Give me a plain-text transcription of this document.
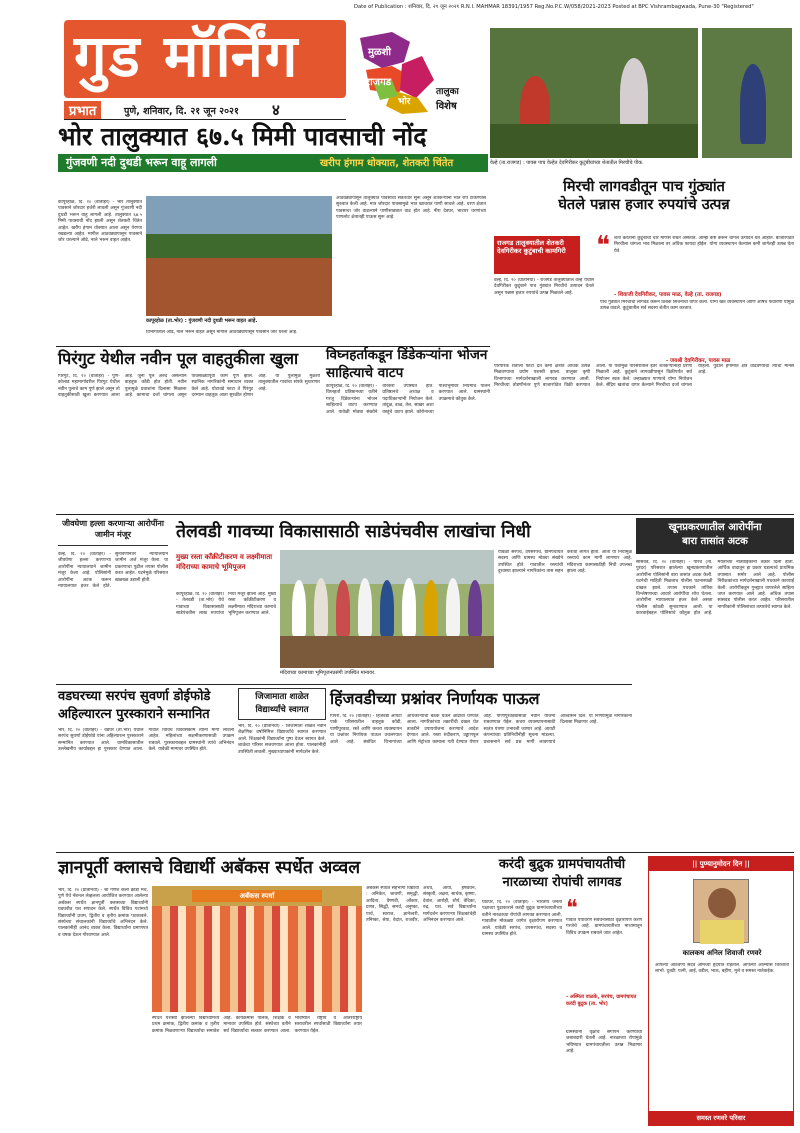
Date of Publication : शनिवार, दि. २१ जून २०२१ R.N.I. MAHMAR 18391/1957 Reg.No.P.C.W/058/2021-2023 Posted at BPC Vishrambagwada, Pune-30 "Registered"
गुड मॉर्निंग
प्रभात	पुणे, शनिवार, दि. २१ जून २०२१ ४
मुळशी
राजगड
भोर
तालुका
विशेष
वेल्हे (ता.राजगड) : पावस पाच वेल्हेत देवगिरीकर कुटुंबीयांच्या शेतातील मिरचीचे पीक.
भोर तालुक्यात ६७.५ मिमी पावसाची नोंद
गुंजवणी नदी दुथडी भरून वाहू लागली	खरीप हंगाम धोक्यात, शेतकरी चिंतेत
कापूरहोळ, दि. २० (वार्ताहर) - भोर तालुक्यात पावसाने जोरदार हजेरी लावली असून गुंजवणी नदी दुथडी भरून वाहू लागली आहे. तालुक्यात ६७.५ मिमी पावसाची नोंद झाली असून शेतकरी चिंतेत आहेत. खरीप हंगाम धोक्यात आला असून पेरण्या रखडल्या आहेत. मागील आठवड्यापासून पावसाने जोर धरल्याने ओढे, नाले भरून वाहत आहेत.
कापूरहोळ (ता.भोर) : गुंजवणी नदी दुथडी भरून वाहत आहे.
विभागातील ओढे, नाले भरून वाहत असून मागील आठवड्यापासून पावसाने जोर धरला आहे.
आठवड्यापासून तालुक्यात पावसाची संततधार सुरू असून शेतकऱ्यांनी भात रोपे टाकण्यास सुरुवात केली आहे. मात्र जोरदार पावसामुळे भात खाचरात पाणी साचले आहे. धरण क्षेत्रात पावसाचा जोर वाढल्याने पाणीसाठ्यात वाढ होत आहे. नीरा देवघर, भाटघर धरणांच्या पाणलोट क्षेत्रातही पाऊस सुरू आहे.
मिरची लागवडीतून पाच गुंठ्यांत
घेतले पन्नास हजार रुपयांचे उत्पन्न
राजगड तालुक्यातील शेतकरी देवगिरीकर कुटुंबाची कामगिरी
वेल्हे, दि. २० (प्रतिनिधी) - राजगड तालुक्यातील वेल्हे येथील देवगिरीकर कुटुंबाने पाच गुंठ्यांत मिरचीचे उत्पादन घेतले असून पन्नास हजार रुपयांचे उत्पन्न मिळवले आहे.
❝ शेती करताना कुटुंबाची चार माणसे राबत असतात. आम्ही कष्ट करून चांगले उत्पादन घेत आहोत. बाजारपेठेत मिरचीला चांगला भाव मिळाला तर अधिक फायदा होईल. योग्य व्यवस्थापन केल्यास कमी जागेतही उत्पन्न घेता येते.
- शिवाजी देवगिरीकर, पावस माळ, वेल्हे (ता. राजगड)
पाच गुंठ्यांत मिरचीची लागवड करून ठिबक सिंचनाचा वापर केला. योग्य खत व्यवस्थापन आणि औषध फवारणी यामुळे उत्पन्न वाढले. कुटुंबातील सर्व सदस्य शेतीत काम करतात.
- जयश्री देवगिरीकर, पावस माळ
पारंपरिक शेतीला फाटा देत कमी क्षेत्रात अधिक उत्पन्न मिळवण्याचा प्रयोग यशस्वी झाला. तालुका कृषी विभागाच्या मार्गदर्शनाखाली लागवड करण्यात आली. मिरचीच्या तोडणीनंतर पुणे बाजारपेठेत विक्री करण्यात आली. या यशामुळे परिसरातील इतर शेतकऱ्यांनाही प्रेरणा मिळाली आहे. कुटुंबाने लागवडीपासून विक्रीपर्यंत सर्व नियोजन स्वतः केले. उन्हाळ्यात पाण्याचे योग्य नियोजन केले. सेंद्रिय खतांचा वापर केल्याने मिरचीचा दर्जा चांगला राहिला. पुढील हंगामात क्षेत्र वाढवण्याचा त्यांचा मानस आहे.
पिरंगुट येथील नवीन पूल वाहतुकीला खुला
पिरंगुट, दि. २० (वार्ताहर) - पुणे-कोलाड महामार्गावरील पिरंगुट येथील नवीन पुलाचे काम पूर्ण झाले असून तो वाहतुकीसाठी खुला करण्यात आला आहे. जुना पूल अरुंद असल्याने वाहतूक कोंडी होत होती. नवीन पुलामुळे प्रवाशांना दिलासा मिळाला आहे. कामाचा दर्जा चांगला असून पावसाळ्यापूर्वी काम पूर्ण झाले. स्थानिक नागरिकांनी समाधान व्यक्त केले आहे. घोटावडे फाटा ते पिरंगुट दरम्यान वाहतूक आता सुरळीत होणार आहे. या पुलामुळे मुळशी तालुक्यातील गावांचा संपर्क सुधारणार आहे.
विघ्नहर्ताकडून डिंडेकऱ्यांना भोजन साहित्याचे वाटप
कापूरहोळ, दि. २० (वार्ताहर) - विघ्नहर्ता प्रतिष्ठानच्या वतीने गरजू दिंडेकऱ्यांना भोजन साहित्याचे वाटप करण्यात आले. यावेळी मोठ्या संख्येने वारकरी उपस्थित होते. प्रतिष्ठानचे अध्यक्ष व पदाधिकाऱ्यांनी नियोजन केले. तांदूळ, डाळ, तेल, साखर अशा वस्तूंचे वाटप झाले. कोरोनाच्या पार्श्वभूमीवर नियमांचे पालन करण्यात आले. ग्रामस्थांनी उपक्रमाचे कौतुक केले.
जीवघेणा हल्ला करणाऱ्या आरोपींना जामीन मंजूर
वेल्हे, दि. २० (वार्ताहर) - जीवघेणा हल्ला करणाऱ्या आरोपींना न्यायालयाने जामीन मंजूर केला आहे. पोलिसांनी आरोपींना अटक करून न्यायालयात हजर केले होते. सुनावणीनंतर न्यायालयाने जामीन अर्ज मंजूर केला. या प्रकरणाचा पुढील तपास पोलीस करत आहेत. घटनेमुळे परिसरात खळबळ उडाली होती.
तेलवडी गावच्या विकासासाठी साडेपंचवीस लाखांचा निधी
मुख्य रस्ता काँक्रीटीकरण व लक्ष्मीमाता मंदिराच्या कामाचे भूमिपूजन
कापूरहोळ, दि. २० (वार्ताहर) - तेलवडी (ता.भोर) येथे गावाच्या विकासासाठी साडेपंचवीस लाख रुपयांचा निधी मंजूर झाला आहे. मुख्य रस्ता काँक्रीटीकरण व लक्ष्मीमाता मंदिराच्या कामाचे भूमिपूजन करण्यात आले.
मंदिराच्या कामाच्या भूमिपूजनप्रसंगी उपस्थित मान्यवर.
यावेळी सरपंच, उपसरपंच, ग्रामपंचायत सदस्य आणि ग्रामस्थ मोठ्या संख्येने उपस्थित होते. गावातील रस्त्यांची दुरवस्था झाल्याने नागरिकांना त्रास सहन करावा लागत होता. आता या निधीमुळे रस्त्याचे काम मार्गी लागणार आहे. मंदिराच्या कामासाठीही निधी उपलब्ध झाला आहे.
खूनप्रकरणातील आरोपींना
बारा तासांत अटक
सासवड, दि. २० (वार्ताहर) - परिंचे (ता. पुरंदर) परिसरात झालेल्या खूनप्रकरणातील आरोपींना पोलिसांनी बारा तासांत अटक केली. घटनेची माहिती मिळताच पोलीस घटनास्थळी दाखल झाले. तपास पथकाने तांत्रिक विश्लेषणाच्या आधारे आरोपींचा शोध घेतला. आरोपींना न्यायालयात हजर केले असता पोलीस कोठडी सुनावण्यात आली. या कारवाईबद्दल पोलिसांचे कौतुक होत आहे. मयताच्या नातेवाइकांनी तक्रार दिली होती. आर्थिक वादातून हा प्रकार घडल्याचे प्राथमिक तपासात समोर आले आहे. पोलीस निरीक्षकांच्या मार्गदर्शनाखाली पथकाने कारवाई केली. आरोपींकडून गुन्ह्यात वापरलेले साहित्य जप्त करण्यात आले आहे. अधिक तपास सासवड पोलीस करत आहेत. परिसरातील नागरिकांनी पोलिसांच्या तत्परतेचे स्वागत केले.
वडघरच्या सरपंच सुवर्णा डोईफोडे
अहिल्यारत्न पुरस्काराने सन्मानित
भोर, दि. २० (वार्ताहर) - वडघर (ता.भोर) येथील सरपंच सुवर्णा डोईफोडे यांना अहिल्यारत्न पुरस्काराने सन्मानित करण्यात आले. ग्रामविकासातील उल्लेखनीय कार्याबद्दल हा पुरस्कार देण्यात आला. गावात विविध विकासकामे त्यांनी मार्गी लावली आहेत. महिलांच्या सक्षमीकरणासाठी उपक्रम राबवले. पुरस्काराबद्दल ग्रामस्थांनी त्यांचे अभिनंदन केले. यावेळी मान्यवर उपस्थित होते.
जिजामाता शाळेत
विद्यार्थ्यांचे स्वागत
भोर, दि. २० (प्रतिनिधी) - जिजामाता शाळेत नवीन शैक्षणिक वर्षानिमित्त विद्यार्थ्यांचे स्वागत करण्यात आले. शिक्षकांनी विद्यार्थ्यांना पुष्प देऊन स्वागत केले. शाळेचा परिसर सजवण्यात आला होता. पालकांनीही उपस्थिती लावली. मुख्याध्यापकांनी मार्गदर्शन केले.
हिंजवडीच्या प्रश्नांवर निर्णायक पाऊल
पिंपरी, दि. २० (वार्ताहर) - हिंजवडी आयटी पार्क परिसरातील वाहतूक कोंडी, पाणीपुरवठा, रस्ते आणि कचरा व्यवस्थापन या प्रश्नांवर निर्णायक पाऊल उचलण्यात आले आहे. संबंधित विभागांच्या अधिकाऱ्यांची बैठक घेऊन आढावा घेण्यात आला. नागरिकांच्या तक्रारींची दखल घेत तातडीने उपाययोजना करण्याचे आदेश देण्यात आले. रस्ता रुंदीकरण, उड्डाणपूल आणि मेट्रोच्या कामाला गती देण्यात येणार आहे. पाणीपुरवठ्यासाठी नवीन योजना राबवण्यात येईल. कचरा व्यवस्थापनासाठी स्वतंत्र यंत्रणा उभारली जाणार आहे. आयटी कंपन्यांच्या प्रतिनिधींनीही सूचना मांडल्या. प्रशासनाने सर्व प्रश्न मार्गी लावण्याचे आश्वासन दिले. या निर्णयामुळे नागरिकांना दिलासा मिळणार आहे.
ज्ञानपूर्ती क्लासचे विद्यार्थी अबॅकस स्पर्धेत अव्वल
भोर, दि. २० (प्रतिनिधी) - श्री गणेश कला क्रीडा मंच, पुणे येथे नॅशनल लेव्हलला आयोजित करण्यात आलेल्या अबॅकस स्पर्धेत ज्ञानपूर्ती क्लासच्या विद्यार्थ्यांनी घवघवीत यश संपादन केले. स्पर्धेत विविध गटांमध्ये विद्यार्थ्यांनी प्रथम, द्वितीय व तृतीय क्रमांक पटकावले. संस्थेच्या संचालकांनी विद्यार्थ्यांचे अभिनंदन केले. पालकांनीही आनंद व्यक्त केला. विद्यार्थ्यांना प्रमाणपत्र व चषक देऊन गौरवण्यात आले.
अबॅकस स्पर्धा
स्पर्धेत यशस्वी झालेल्या विद्यार्थ्यांमध्ये प्रथम क्रमांक, द्वितीय क्रमांक व तृतीय क्रमांक मिळवणाऱ्या विद्यार्थ्यांचा समावेश आहे. कार्यक्रमास पालक, शिक्षक व मान्यवर उपस्थित होते. संस्थेच्या वतीने सर्व विद्यार्थ्यांचा सत्कार करण्यात आला. भविष्यात राष्ट्रीय व आंतरराष्ट्रीय स्तरावरील स्पर्धांसाठी विद्यार्थ्यांना तयार करण्यात येईल.
अबॅकस स्पर्धेत सहभागी विद्यार्थी : अनिकेत, श्रावणी, समृद्धी, आदित्य, वैष्णवी, ओंकार, प्रणव, सिद्धी, समर्थ, अनुष्का, पार्थ, स्वराज, ज्ञानेश्वरी, तनिष्का, श्रेया, वेदांत, राजवीर, अथर्व, आर्या, हर्षवर्धन, संस्कृती, अक्षरा, सार्थक, कृष्णा, देवांश, आरोही, शौर्य, वेदिका, रुद्र, यश. सर्व विद्यार्थ्यांना मार्गदर्शन करणाऱ्या शिक्षकांचेही अभिनंदन करण्यात आले.
करंदी बुद्रुक ग्रामपंचायतीची
नारळाच्या रोपांची लागवड
घाटघर, दि. २० (वार्ताहर) - भारतीय जनता पक्षाच्या पुढाकाराने करंदी बुद्रुक ग्रामपंचायतीच्या वतीने नारळाच्या रोपांची लागवड करण्यात आली. गावातील मोकळ्या जागेत वृक्षारोपण करण्यात आले. यावेळी सरपंच, उपसरपंच, सदस्य व ग्रामस्थ उपस्थित होते.
❝
गावात पर्यावरण संवर्धनासाठी वृक्षारोपण करणे गरजेचे आहे. ग्रामपंचायतीच्या माध्यमातून विविध उपक्रम राबवले जात आहेत.
- अस्मिता वाळके, सरपंच, ग्रामपंचायत करंदी बुद्रुक (ता. भोर)
ग्रामस्थांनी वृक्षांचे संगोपन करण्याची जबाबदारी घेतली आहे. नारळाच्या रोपांमुळे भविष्यात ग्रामपंचायतीला उत्पन्न मिळणार आहे.
|| पुण्यानुमोदन दिन ||
कालकथ अनिल शिवाजी रणवरे
आपल्या आठवणी सदैव आमच्या हृदयात राहतील. आपल्या आत्म्यास चिरशांती लाभो. दुःखी: पत्नी, आई, वडील, भाऊ, बहीण, मुले व समस्त नातेवाईक.
समस्त रणवरे परिवार
